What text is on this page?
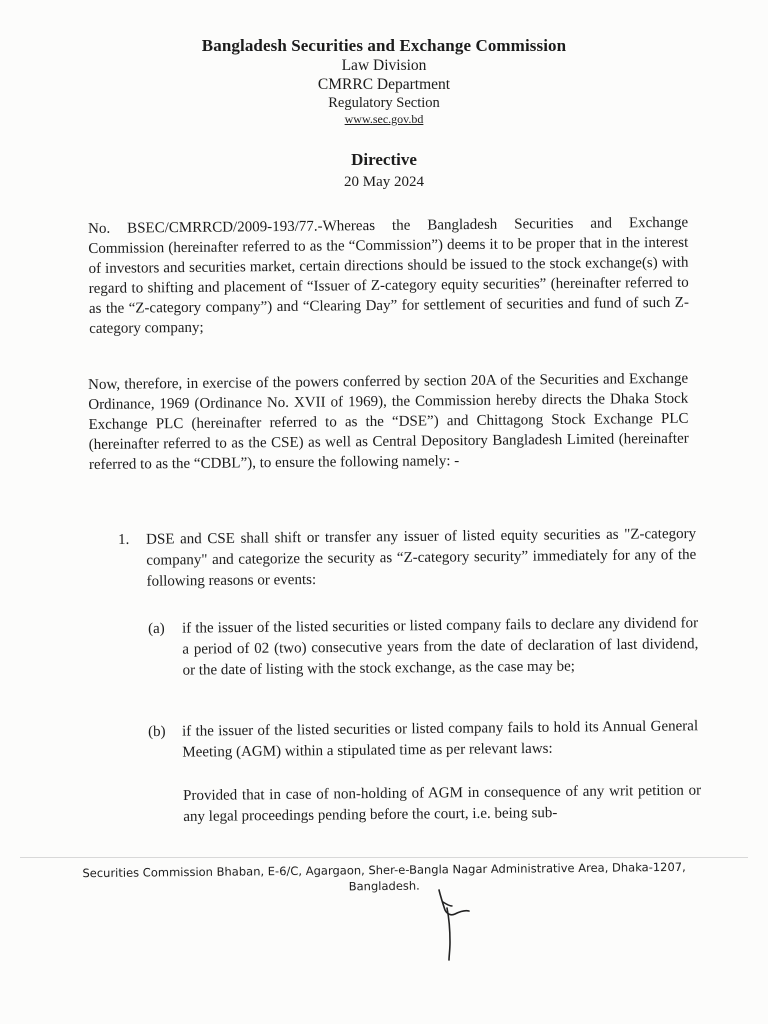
Bangladesh Securities and Exchange Commission
Law Division
CMRRC Department
Regulatory Section
www.sec.gov.bd
Directive
20 May 2024
No. BSEC/CMRRCD/2009-193/77.-Whereas the Bangladesh Securities and Exchange Commission (hereinafter referred to as the “Commission”) deems it to be proper that in the interest of investors and securities market, certain directions should be issued to the stock exchange(s) with regard to shifting and placement of “Issuer of Z-category equity securities” (hereinafter referred to as the “Z-category company”) and “Clearing Day” for settlement of securities and fund of such Z-category company;
Now, therefore, in exercise of the powers conferred by section 20A of the Securities and Exchange Ordinance, 1969 (Ordinance No. XVII of 1969), the Commission hereby directs the Dhaka Stock Exchange PLC (hereinafter referred to as the “DSE”) and Chittagong Stock Exchange PLC (hereinafter referred to as the CSE) as well as Central Depository Bangladesh Limited (hereinafter referred to as the “CDBL”), to ensure the following namely: -
1. DSE and CSE shall shift or transfer any issuer of listed equity securities as "Z-category company" and categorize the security as “Z-category security” immediately for any of the following reasons or events:
(a) if the issuer of the listed securities or listed company fails to declare any dividend for a period of 02 (two) consecutive years from the date of declaration of last dividend, or the date of listing with the stock exchange, as the case may be;
(b) if the issuer of the listed securities or listed company fails to hold its Annual General Meeting (AGM) within a stipulated time as per relevant laws:
Provided that in case of non-holding of AGM in consequence of any writ petition or any legal proceedings pending before the court, i.e. being sub-
Securities Commission Bhaban, E-6/C, Agargaon, Sher-e-Bangla Nagar Administrative Area, Dhaka-1207,
Bangladesh.
